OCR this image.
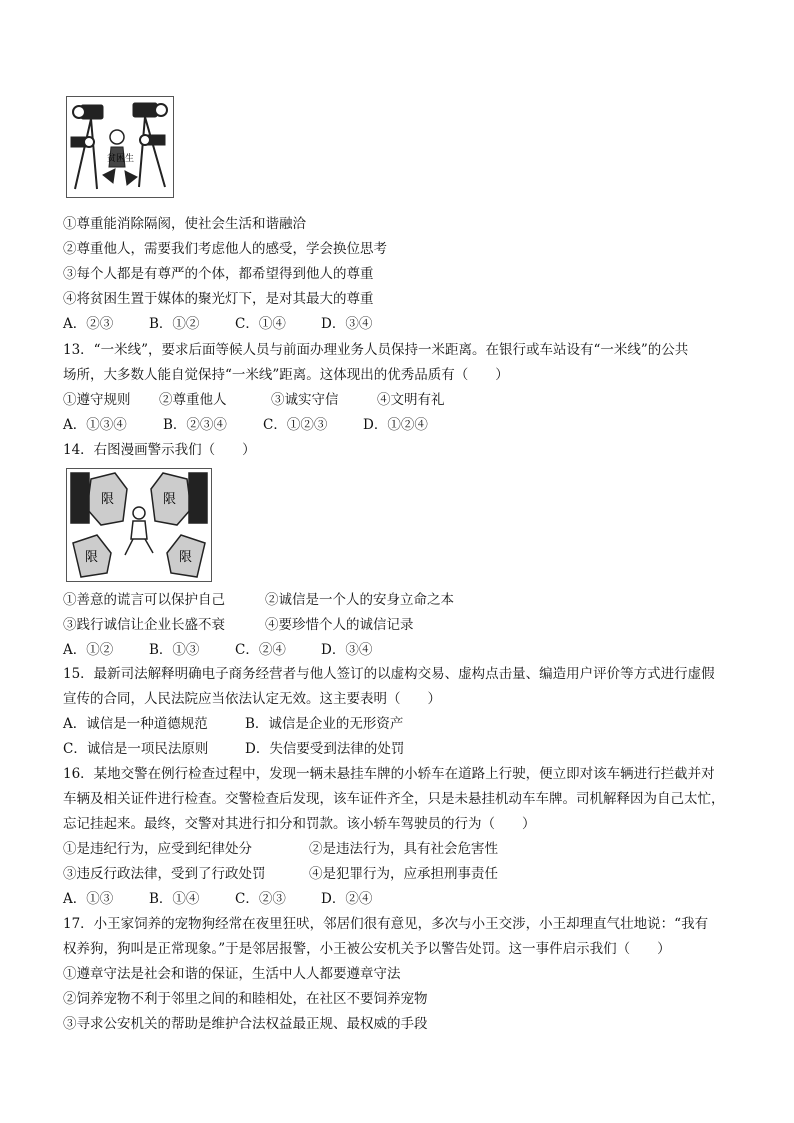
贫困生
①尊重能消除隔阂，使社会生活和谐融洽
②尊重他人，需要我们考虑他人的感受，学会换位思考
③每个人都是有尊严的个体，都希望得到他人的尊重
④将贫困生置于媒体的聚光灯下，是对其最大的尊重
A．②③	B．①②	C．①④	D．③④
13．“一米线”，要求后面等候人员与前面办理业务人员保持一米距离。在银行或车站设有“一米线”的公共
场所，大多数人能自觉保持“一米线”距离。这体现出的优秀品质有（　　）
①遵守规则 ②尊重他人	③诚实守信	④文明有礼
A．①③④	B．②③④	C．①②③	D．①②④
14．右图漫画警示我们（　　）
限	限
限	限
①善意的谎言可以保护自己	②诚信是一个人的安身立命之本
③践行诚信让企业长盛不衰	④要珍惜个人的诚信记录
A．①②	B．①③	C．②④	D．③④
15．最新司法解释明确电子商务经营者与他人签订的以虚构交易、虚构点击量、编造用户评价等方式进行虚假
宣传的合同，人民法院应当依法认定无效。这主要表明（　　）
A．诚信是一种道德规范	B．诚信是企业的无形资产
C．诚信是一项民法原则	D．失信要受到法律的处罚
16．某地交警在例行检查过程中，发现一辆未悬挂车牌的小轿车在道路上行驶，便立即对该车辆进行拦截并对
车辆及相关证件进行检查。交警检查后发现，该车证件齐全，只是未悬挂机动车车牌。司机解释因为自己太忙，
忘记挂起来。最终，交警对其进行扣分和罚款。该小轿车驾驶员的行为（　　）
①是违纪行为，应受到纪律处分	②是违法行为，具有社会危害性
③违反行政法律，受到了行政处罚	④是犯罪行为，应承担刑事责任
A．①③	B．①④	C．②③	D．②④
17．小王家饲养的宠物狗经常在夜里狂吠，邻居们很有意见，多次与小王交涉，小王却理直气壮地说：“我有
权养狗，狗叫是正常现象。”于是邻居报警，小王被公安机关予以警告处罚。这一事件启示我们（　　）
①遵章守法是社会和谐的保证，生活中人人都要遵章守法
②饲养宠物不利于邻里之间的和睦相处，在社区不要饲养宠物
③寻求公安机关的帮助是维护合法权益最正规、最权威的手段
